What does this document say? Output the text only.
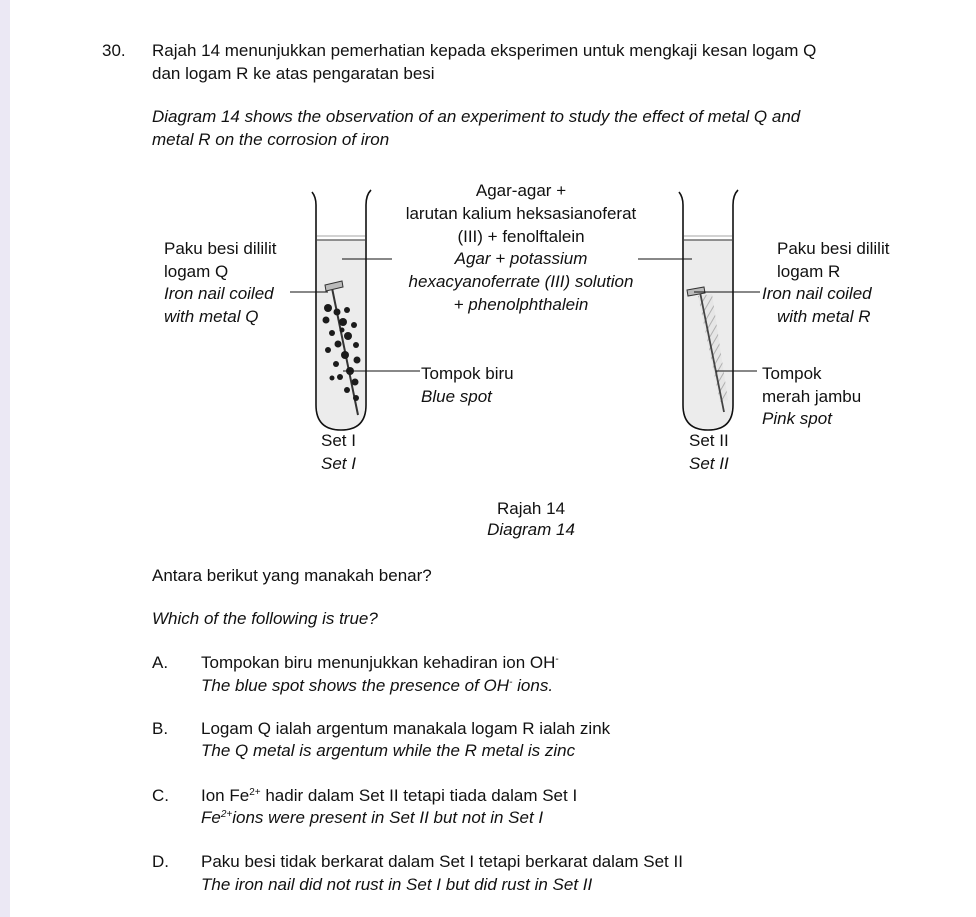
30. Rajah 14 menunjukkan pemerhatian kepada eksperimen untuk mengkaji kesan logam Q
dan logam R ke atas pengaratan besi
Diagram 14 shows the observation of an experiment to study the effect of metal Q and
metal R on the corrosion of iron
Agar-agar +
larutan kalium heksasianoferat
(III) + fenolftalein
Agar + potassium
hexacyanoferrate (III) solution
+ phenolphthalein
Paku besi dililit
logam Q
Iron nail coiled
with metal Q
Paku besi dililit
logam R
Iron nail coiled
with metal R
Tompok biru
Blue spot
Tompok
merah jambu
Pink spot
Set I
Set I
Set II
Set II
Rajah 14
Diagram 14
Antara berikut yang manakah benar?
Which of the following is true?
A. Tompokan biru menunjukkan kehadiran ion OH-
The blue spot shows the presence of OH- ions.
B. Logam Q ialah argentum manakala logam R ialah zink
The Q metal is argentum while the R metal is zinc
C. Ion $Fe^{2+}$ hadir dalam Set II tetapi tiada dalam Set I
$Fe^{2+}ions$ were present in Set II but not in Set I
D. Paku besi tidak berkarat dalam Set I tetapi berkarat dalam Set II
The iron nail did not rust in Set I but did rust in Set II
